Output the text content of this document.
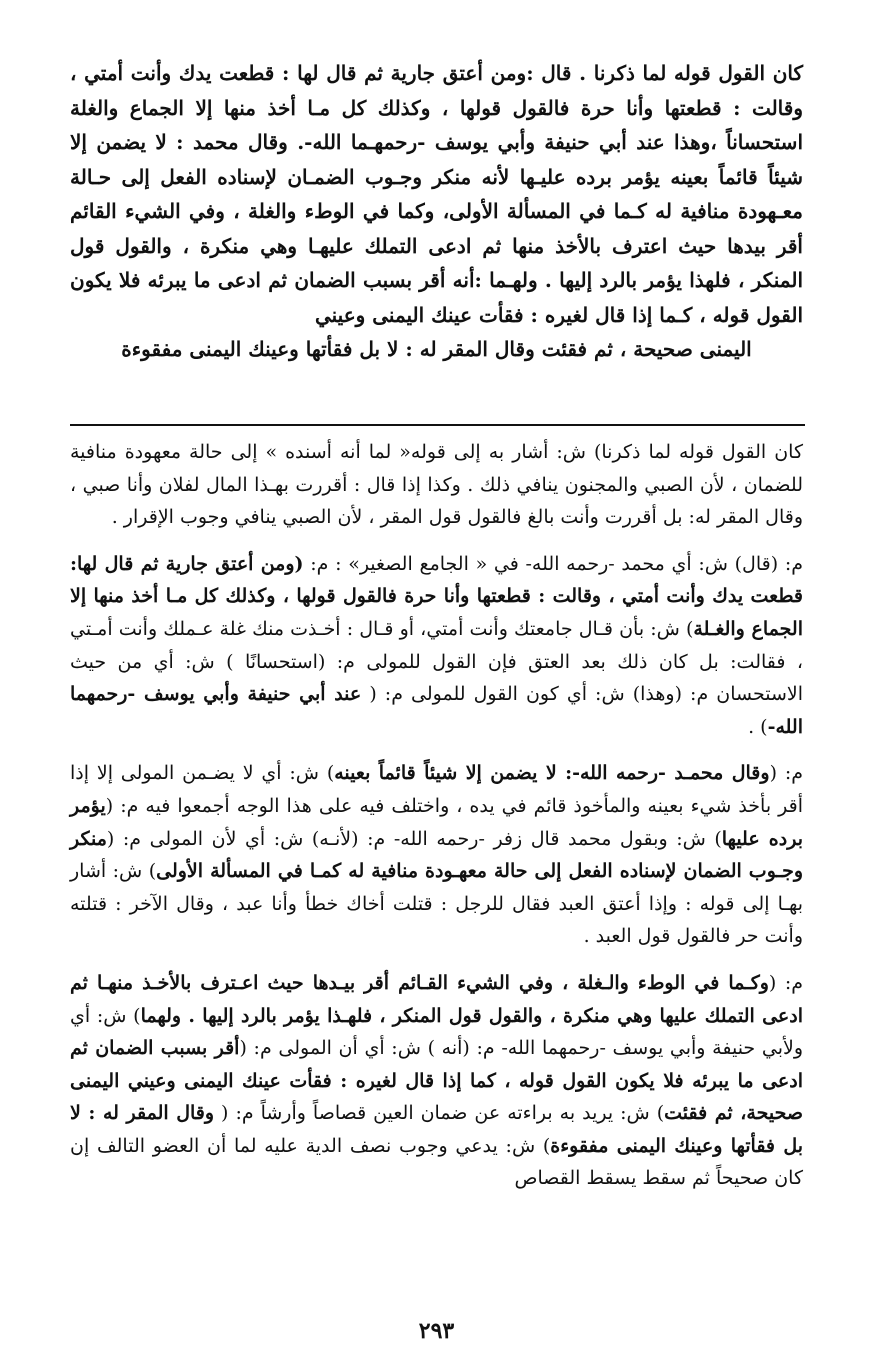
كان القول قوله لما ذكرنا . قال :ومن أعتق جارية ثم قال لها : قطعت يدك وأنت أمتي ، وقالت : قطعتها وأنا حرة فالقول قولها ، وكذلك كل مـا أخذ منها إلا الجماع والغلة استحساناً ،وهذا عند أبي حنيفة وأبي يوسف -رحمهـما الله-. وقال محمد : لا يضمن إلا شيئاً قائماً بعينه يؤمر برده عليـها لأنه منكر وجـوب الضمـان لإسناده الفعل إلى حـالة معـهودة منافية له كـما في المسألة الأولى، وكما في الوطء والغلة ، وفي الشيء القائم أقر بيدها حيث اعترف بالأخذ منها ثم ادعى التملك عليهـا وهي منكرة ، والقول قول المنكر ، فلهذا يؤمر بالرد إليها . ولهـما :أنه أقر بسبب الضمان ثم ادعى ما يبرئه فلا يكون القول قوله ، كـما إذا قال لغيره : فقأت عينك اليمنى وعيني
اليمنى صحيحة ، ثم فقئت وقال المقر له : لا بل فقأتها وعينك اليمنى مفقوءة

كان القول قوله لما ذكرنا) ش: أشار به إلى قوله« لما أنه أسنده » إلى حالة معهودة منافية للضمان ، لأن الصبي والمجنون ينافي ذلك . وكذا إذا قال : أقررت بهـذا المال لفلان وأنا صبي ، وقال المقر له: بل أقررت وأنت بالغ فالقول قول المقر ، لأن الصبي ينافي وجوب الإقرار .

م: (قال) ش: أي محمد -رحمه الله- في « الجامع الصغير» : م: (ومن أعتق جارية ثم قال لها: قطعت يدك وأنت أمتي ، وقالت : قطعتها وأنا حرة فالقول قولها ، وكذلك كل مـا أخذ منها إلا الجماع والغـلة) ش: بأن قـال جامعتك وأنت أمتي، أو قـال : أخـذت منك غلة عـملك وأنت أمـتي ، فقالت: بل كان ذلك بعد العتق فإن القول للمولى م: (استحسانًا ) ش: أي من حيث الاستحسان م: (وهذا) ش: أي كون القول للمولى م: ( عند أبي حنيفة وأبي يوسف -رحمهما الله-) .

م: (وقال محمـد -رحمه الله-: لا يضمن إلا شيئاً قائماً بعينه) ش: أي لا يضـمن المولى إلا إذا أقر بأخذ شيء بعينه والمأخوذ قائم في يده ، واختلف فيه على هذا الوجه أجمعوا فيه م: (يؤمر برده عليها) ش: وبقول محمد قال زفر -رحمه الله- م: (لأنـه) ش: أي لأن المولى م: (منكر وجـوب الضمان لإسناده الفعل إلى حالة معهـودة منافية له كمـا في المسألة الأولى) ش: أشار بهـا إلى قوله : وإذا أعتق العبد فقال للرجل : قتلت أخاك خطأ وأنا عبد ، وقال الآخر : قتلته وأنت حر فالقول قول العبد .

م: (وكـما في الوطء والـغلة ، وفي الشيء القـائم أقر بيـدها حيث اعـترف بالأخـذ منهـا ثم ادعى التملك عليها وهي منكرة ، والقول قول المنكر ، فلهـذا يؤمر بالرد إليها . ولهما) ش: أي ولأبي حنيفة وأبي يوسف -رحمهما الله- م: (أنه ) ش: أي أن المولى م: (أقر بسبب الضمان ثم ادعى ما يبرئه فلا يكون القول قوله ، كما إذا قال لغيره : فقأت عينك اليمنى وعيني اليمنى صحيحة، ثم فقئت) ش: يريد به براءته عن ضمان العين قصاصاً وأرشاً م: ( وقال المقر له : لا بل فقأتها وعينك اليمنى مفقوءة) ش: يدعي وجوب نصف الدية عليه لما أن العضو التالف إن كان صحيحاً ثم سقط يسقط القصاص

٢٩٣
